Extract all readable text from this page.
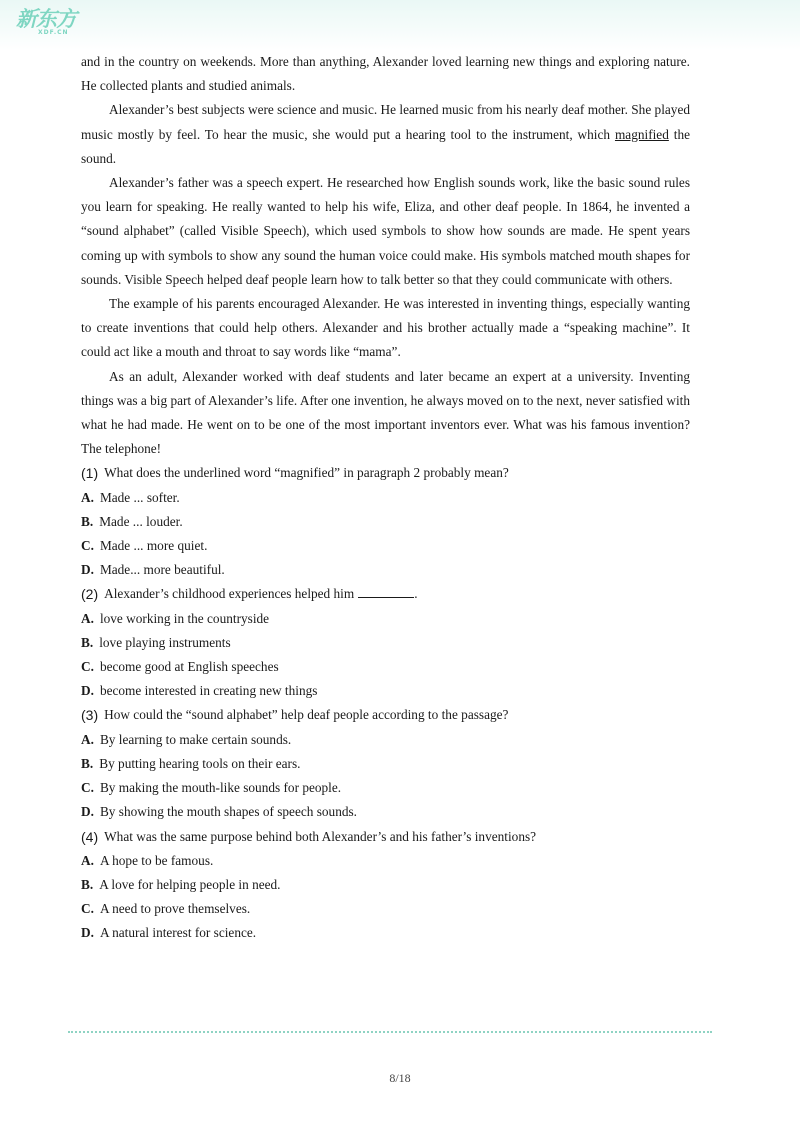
新东方
XDF.CN

and in the country on weekends. More than anything, Alexander loved learning new things and exploring nature. He collected plants and studied animals.

Alexander’s best subjects were science and music. He learned music from his nearly deaf mother. She played music mostly by feel. To hear the music, she would put a hearing tool to the instrument, which magnified the sound.

Alexander’s father was a speech expert. He researched how English sounds work, like the basic sound rules you learn for speaking. He really wanted to help his wife, Eliza, and other deaf people. In 1864, he invented a “sound alphabet” (called Visible Speech), which used symbols to show how sounds are made. He spent years coming up with symbols to show any sound the human voice could make. His symbols matched mouth shapes for sounds. Visible Speech helped deaf people learn how to talk better so that they could communicate with others.

The example of his parents encouraged Alexander. He was interested in inventing things, especially wanting to create inventions that could help others. Alexander and his brother actually made a “speaking machine”. It could act like a mouth and throat to say words like “mama”.

As an adult, Alexander worked with deaf students and later became an expert at a university. Inventing things was a big part of Alexander’s life. After one invention, he always moved on to the next, never satisfied with what he had made. He went on to be one of the most important inventors ever. What was his famous invention? The telephone!

(1) What does the underlined word “magnified” in paragraph 2 probably mean?

A. Made ... softer.

B. Made ... louder.

C. Made ... more quiet.

D. Made... more beautiful.

(2) Alexander’s childhood experiences helped him	.

A. love working in the countryside

B. love playing instruments

C. become good at English speeches

D. become interested in creating new things

(3) How could the “sound alphabet” help deaf people according to the passage?

A. By learning to make certain sounds.

B. By putting hearing tools on their ears.

C. By making the mouth-like sounds for people.

D. By showing the mouth shapes of speech sounds.

(4) What was the same purpose behind both Alexander’s and his father’s inventions?

A. A hope to be famous.

B. A love for helping people in need.

C. A need to prove themselves.

D. A natural interest for science.

8/18
